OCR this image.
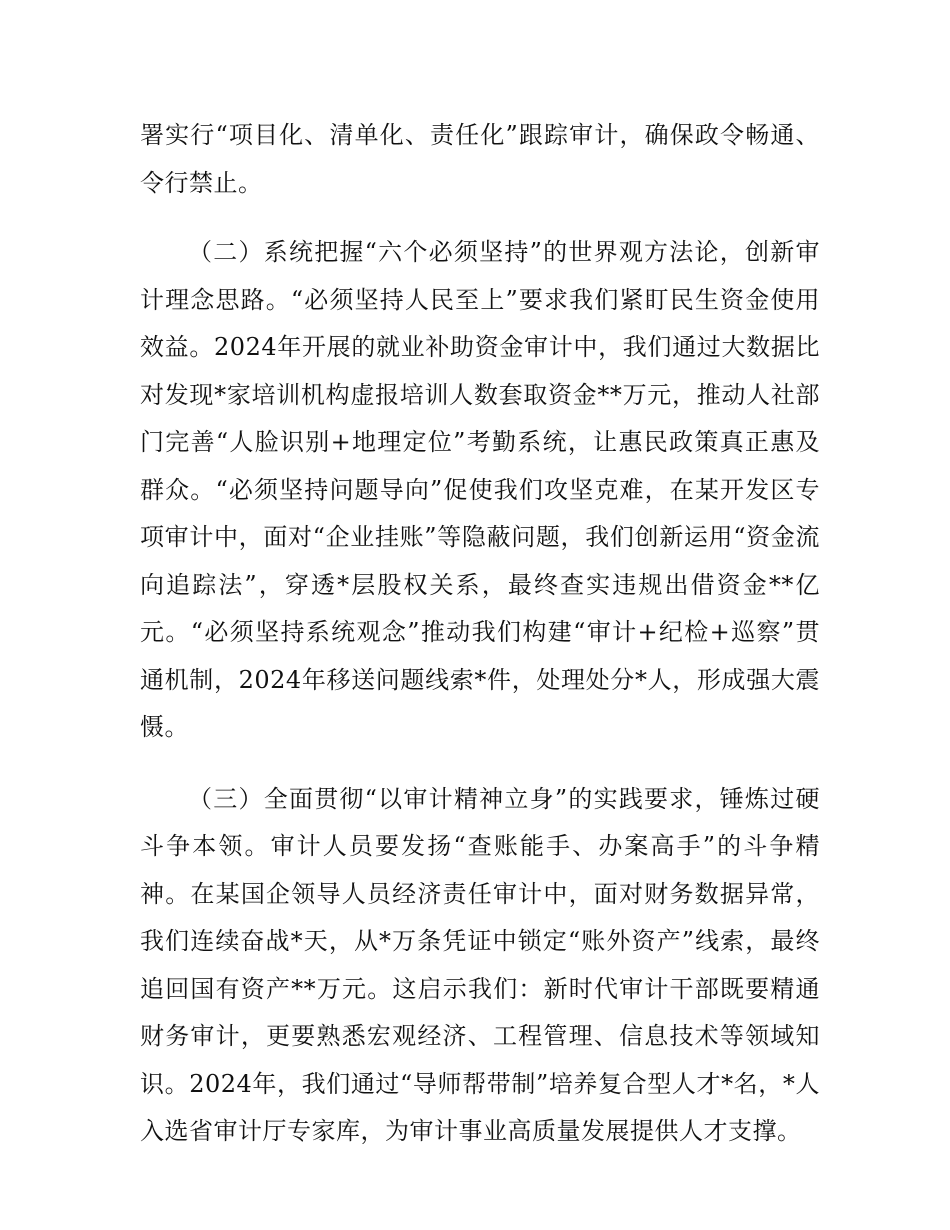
署实行“项目化、清单化、责任化”跟踪审计，确保政令畅通、令行禁止。

（二）系统把握“六个必须坚持”的世界观方法论，创新审计理念思路。“必须坚持人民至上”要求我们紧盯民生资金使用效益。2024年开展的就业补助资金审计中，我们通过大数据比对发现*家培训机构虚报培训人数套取资金**万元，推动人社部门完善“人脸识别+地理定位”考勤系统，让惠民政策真正惠及群众。“必须坚持问题导向”促使我们攻坚克难，在某开发区专项审计中，面对“企业挂账”等隐蔽问题，我们创新运用“资金流向追踪法”，穿透*层股权关系，最终查实违规出借资金**亿元。“必须坚持系统观念”推动我们构建“审计+纪检+巡察”贯通机制，2024年移送问题线索*件，处理处分*人，形成强大震慑。

（三）全面贯彻“以审计精神立身”的实践要求，锤炼过硬斗争本领。审计人员要发扬“查账能手、办案高手”的斗争精神。在某国企领导人员经济责任审计中，面对财务数据异常，我们连续奋战*天，从*万条凭证中锁定“账外资产”线索，最终追回国有资产**万元。这启示我们：新时代审计干部既要精通财务审计，更要熟悉宏观经济、工程管理、信息技术等领域知识。2024年，我们通过“导师帮带制”培养复合型人才*名，*人入选省审计厅专家库，为审计事业高质量发展提供人才支撑。
